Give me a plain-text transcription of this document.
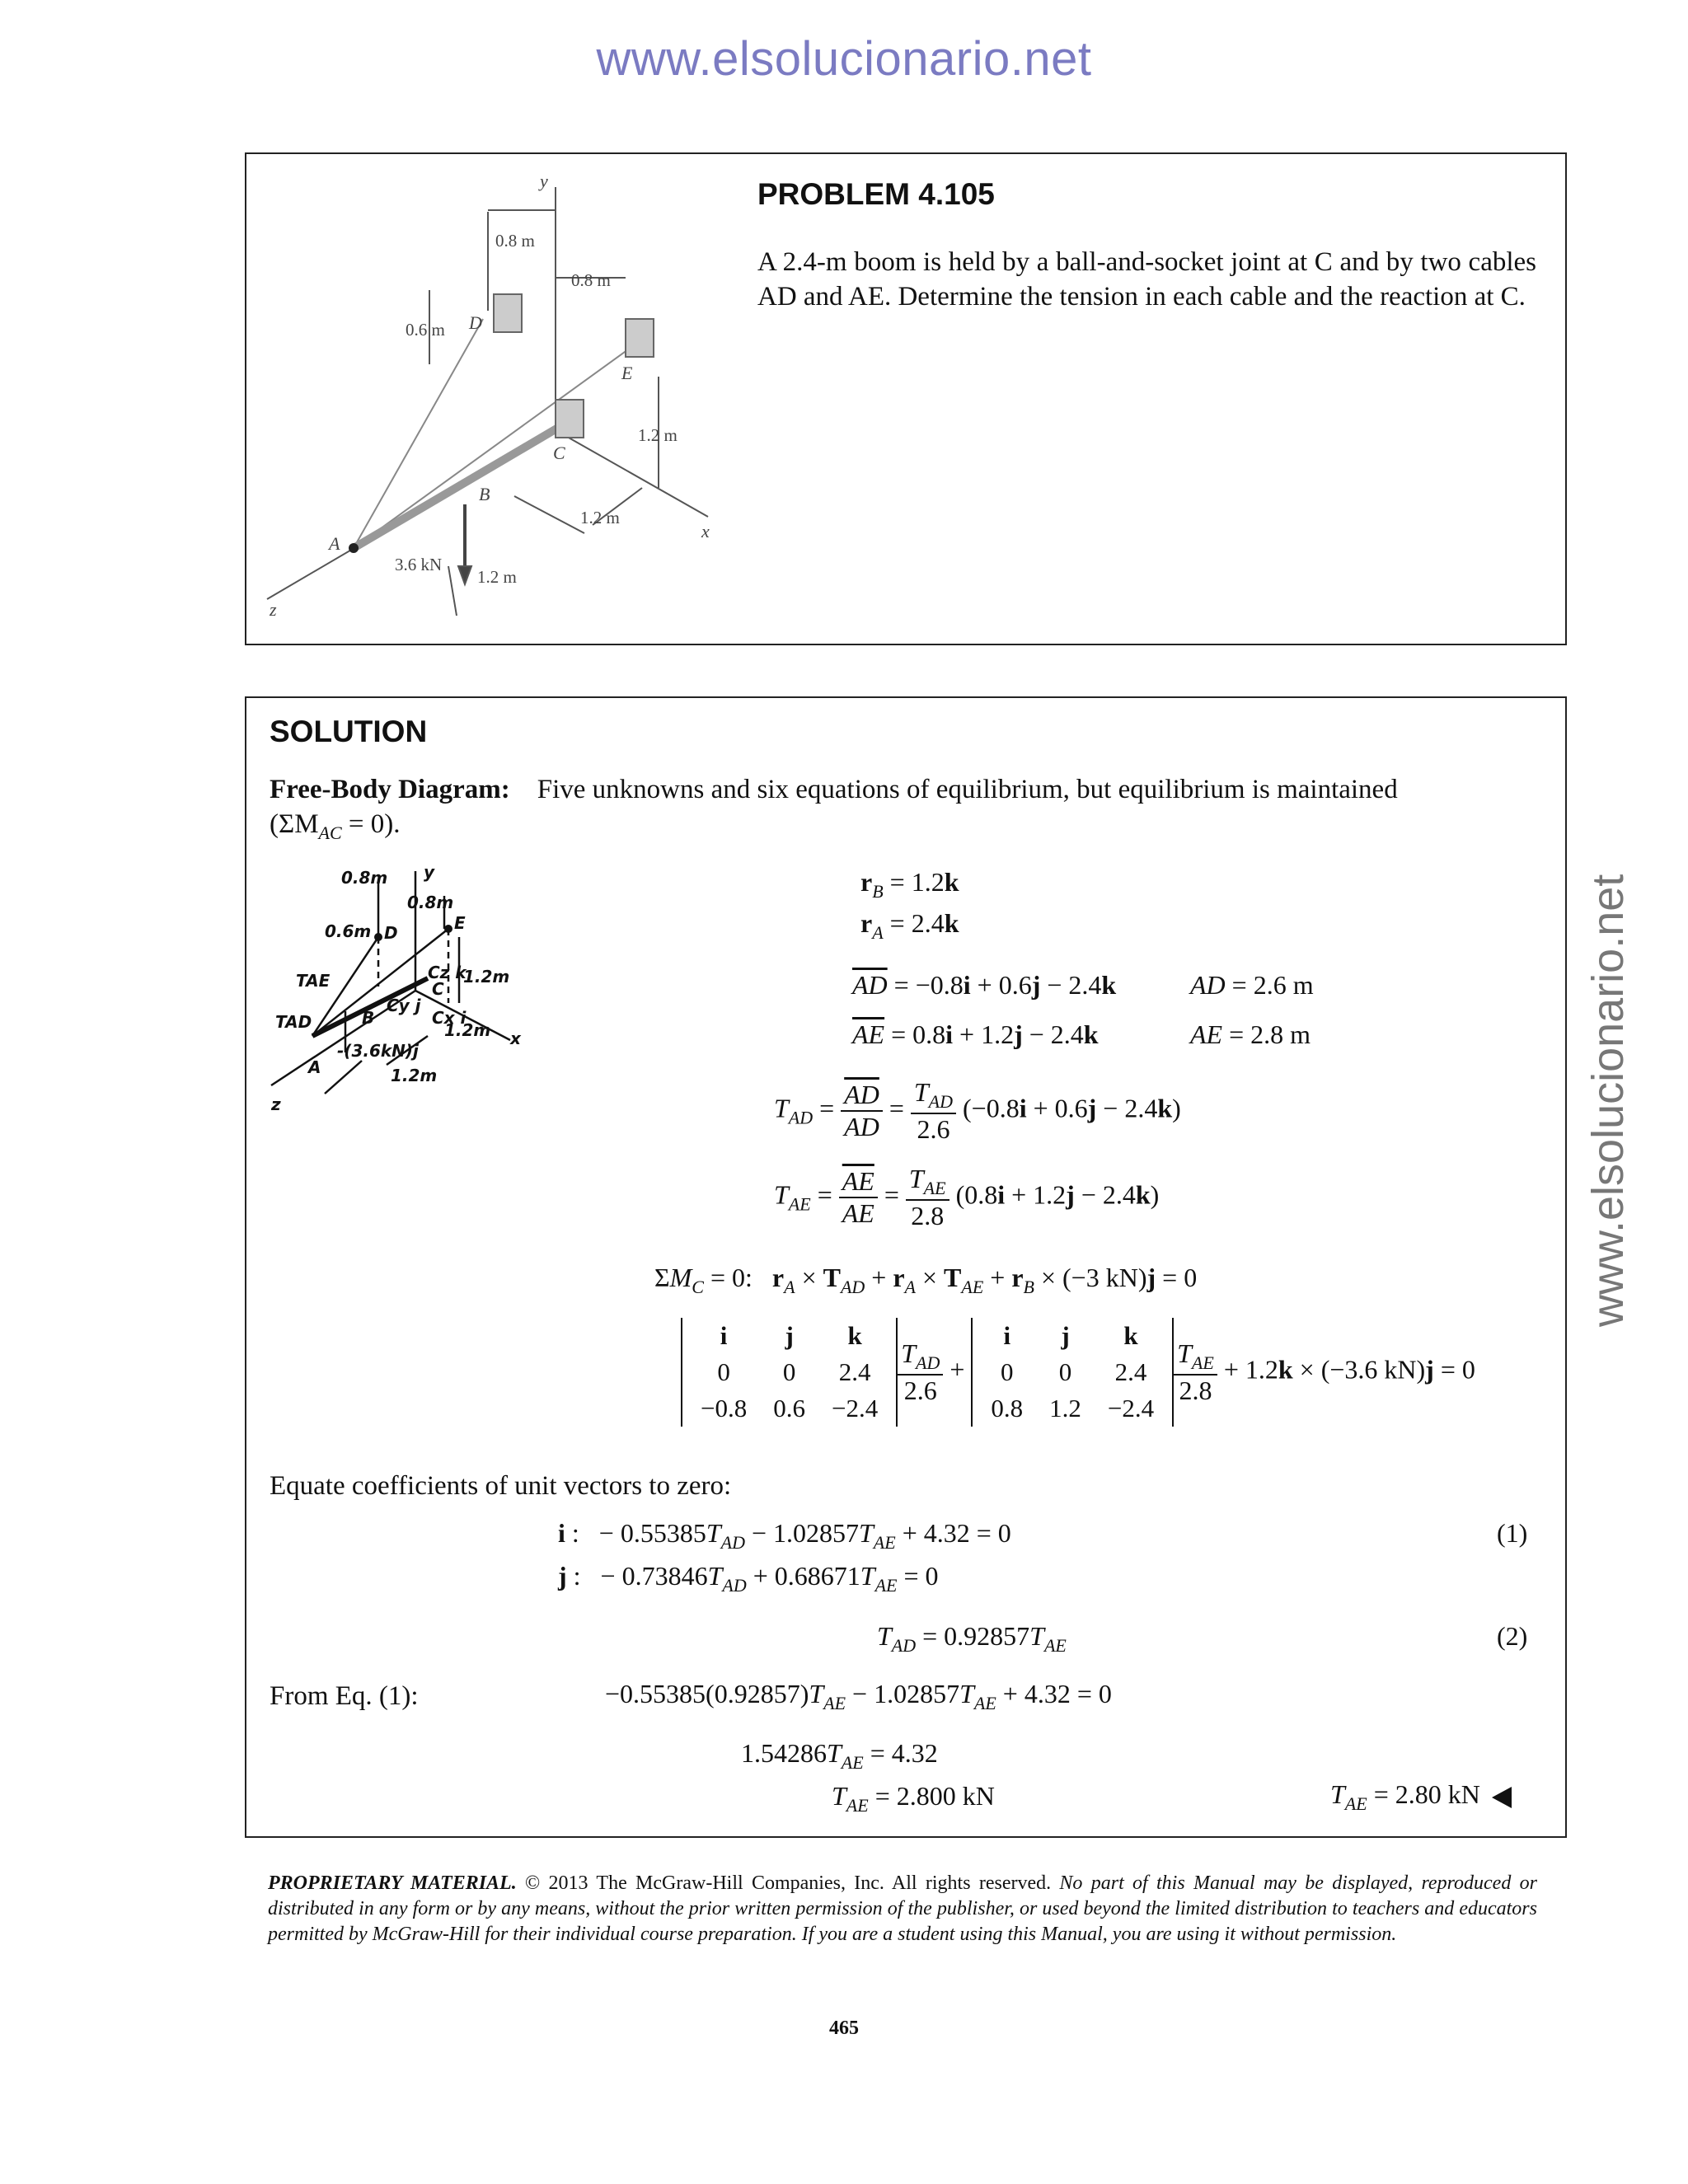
www.elsolucionario.net
www.elsolucionario.net
y
x
z
D
E
C
B
A
0.8 m
0.8 m
0.6 m
1.2 m
1.2 m
1.2 m
3.6 kN
PROBLEM 4.105
A 2.4-m boom is held by a ball-and-socket joint at C and by two cables AD and AE. Determine the tension in each cable and the reaction at C.
SOLUTION
Free-Body Diagram: Five unknowns and six equations of equilibrium, but equilibrium is maintained
$(\Sigma M_{AC} = 0)$.
y
0.8m
0.8m
0.6m D	E
1.2m
Cz k
C
Cy j
Cx i
x
TAE
TAD	B
-(3.6kN)j
1.2m
A	1.2m
z
$r_B = 1.2k$
$r_A = 2.4k$
$\overline{AD} = -0.8i + 0.6j - 2.4k$	AD = 2.6 m
$\overline{AE} = 0.8i + 1.2j - 2.4k$	AE = 2.8 m
$T_{AD} = \frac{\overline{AD}}{AD} = \frac{T_{AD}}{2.6} (-0.8i + 0.6j - 2.4k)$
$T_{AE} = \frac{\overline{AE}}{AE} = \frac{T_{AE}}{2.8} (0.8i + 1.2j - 2.4k)$
$\Sigma M_C = 0$:   $r_A \times T_{AD} + r_A \times T_{AE} + r_B \times (-3$ kN)j = 0
i	j	k
0	0	2.4
−0.8	0.6	−2.4
$\frac{T_{AD}}{2.6}$ +
i	j	k
0	0	2.4
0.8	1.2	−2.4
$\frac{T_{AE}}{2.8} + 1.2k \times (-3.6$ kN)j = 0
Equate coefficients of unit vectors to zero:
i :   − $0.55385T_{AD} - 1.02857T_{AE} + 4.32 = 0$	(1)
j :   − $0.73846T_{AD} + 0.68671T_{AE} = 0$
$T_{AD} = 0.92857T_{AE}$	(2)
From Eq. (1):	$-0.55385(0.92857)T_{AE} - 1.02857T_{AE} + 4.32 = 0$
$1.54286T_{AE} = 4.32$
$T_{AE} = 2.800$ kN	$T_{AE} = 2.80$ kN
PROPRIETARY MATERIAL. © 2013 The McGraw-Hill Companies, Inc. All rights reserved. No part of this Manual may be displayed, reproduced or distributed in any form or by any means, without the prior written permission of the publisher, or used beyond the limited distribution to teachers and educators permitted by McGraw-Hill for their individual course preparation. If you are a student using this Manual, you are using it without permission.
465
